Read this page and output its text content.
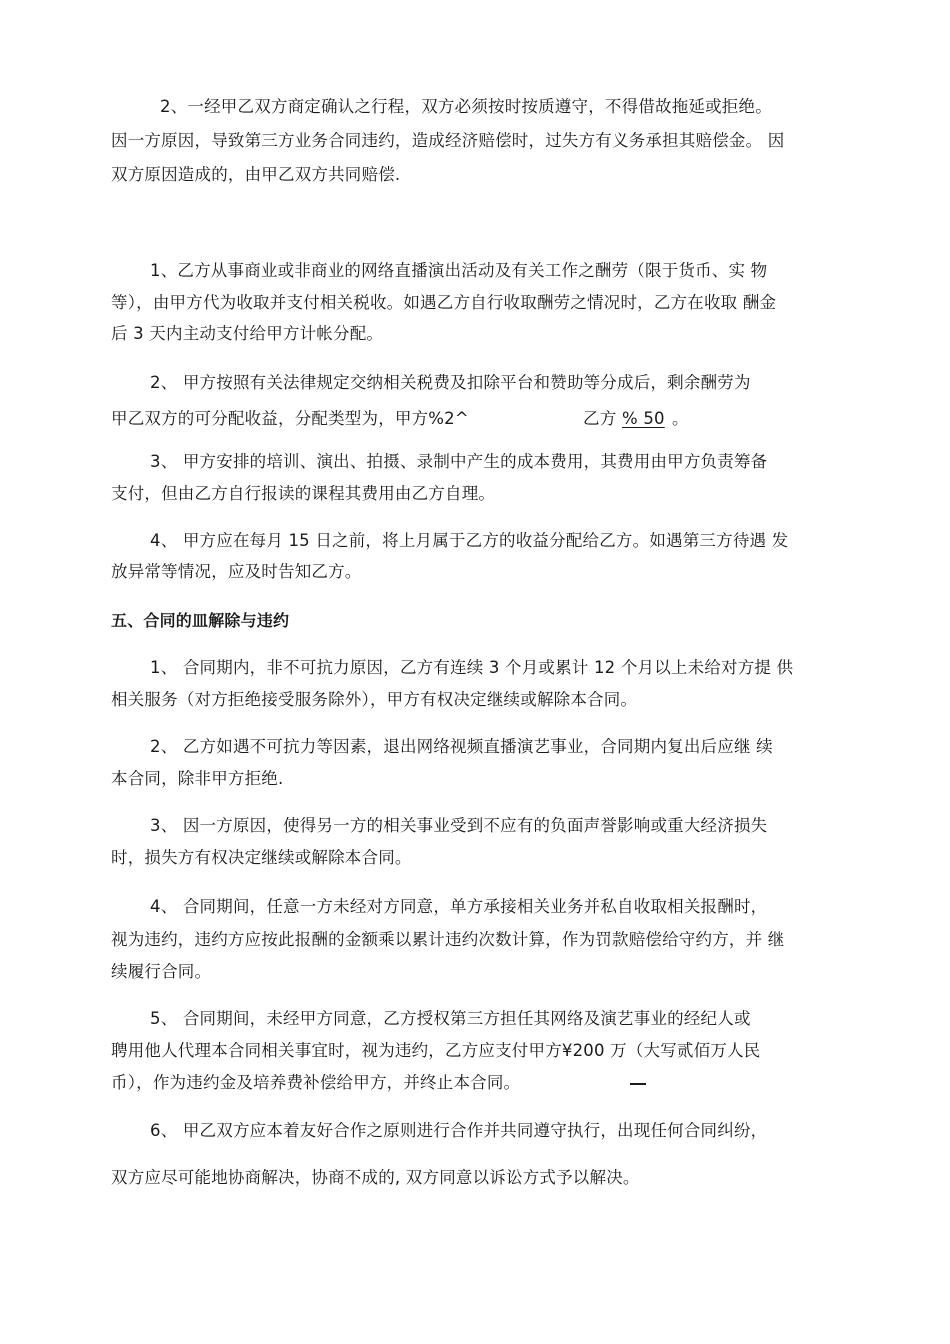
2、一经甲乙双方商定确认之行程，双方必须按时按质遵守，不得借故拖延或拒绝。
因一方原因，导致第三方业务合同违约，造成经济赔偿时，过失方有义务承担其赔偿金。 因
双方原因造成的，由甲乙双方共同赔偿.
1、乙方从事商业或非商业的网络直播演出活动及有关工作之酬劳（限于货币、实 物
等），由甲方代为收取并支付相关税收。如遇乙方自行收取酬劳之情况时，乙方在收取 酬金
后 3 天内主动支付给甲方计帐分配。
2、 甲方按照有关法律规定交纳相关税费及扣除平台和赞助等分成后，剩余酬劳为
甲乙双方的可分配收益，分配类型为，甲方%2^	乙方 % 50 。
3、 甲方安排的培训、演出、拍摄、录制中产生的成本费用，其费用由甲方负责筹备
支付，但由乙方自行报读的课程其费用由乙方自理。
4、 甲方应在每月 15 日之前，将上月属于乙方的收益分配给乙方。如遇第三方待遇 发
放异常等情况，应及时告知乙方。
五、合同的皿解除与违约
1、 合同期内，非不可抗力原因，乙方有连续 3 个月或累计 12 个月以上未给对方提 供
相关服务（对方拒绝接受服务除外），甲方有权决定继续或解除本合同。
2、 乙方如遇不可抗力等因素，退出网络视频直播演艺事业，合同期内复出后应继 续
本合同，除非甲方拒绝.
3、 因一方原因，使得另一方的相关事业受到不应有的负面声誉影响或重大经济损失
时，损失方有权决定继续或解除本合同。
4、 合同期间，任意一方未经对方同意，单方承接相关业务并私自收取相关报酬时，
视为违约，违约方应按此报酬的金额乘以累计违约次数计算，作为罚款赔偿给守约方，并 继
续履行合同。
5、 合同期间，未经甲方同意，乙方授权第三方担任其网络及演艺事业的经纪人或
聘用他人代理本合同相关事宜时，视为违约，乙方应支付甲方¥200 万（大写贰佰万人民
币），作为违约金及培养费补偿给甲方，并终止本合同。
6、 甲乙双方应本着友好合作之原则进行合作并共同遵守执行，出现任何合同纠纷，
双方应尽可能地协商解决，协商不成的, 双方同意以诉讼方式予以解决。
